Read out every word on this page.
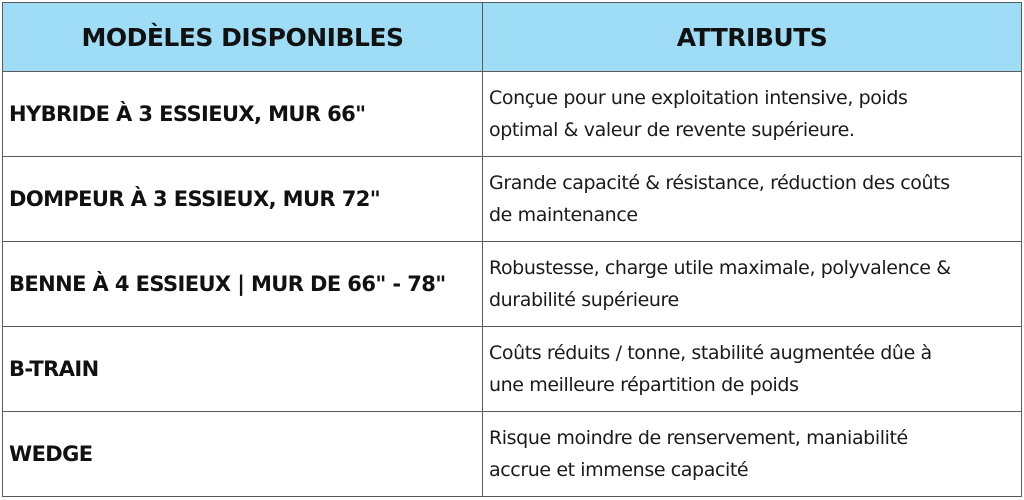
MODÈLES DISPONIBLES	ATTRIBUTS
HYBRIDE À 3 ESSIEUX, MUR 66"	Conçue pour une exploitation intensive, poids
optimal & valeur de revente supérieure.

DOMPEUR À 3 ESSIEUX, MUR 72"	Grande capacité & résistance, réduction des coûts
de maintenance

BENNE À 4 ESSIEUX | MUR DE 66" - 78"	Robustesse, charge utile maximale, polyvalence &
durabilité supérieure

B-TRAIN	Coûts réduits / tonne, stabilité augmentée dûe à
une meilleure répartition de poids

WEDGE	Risque moindre de renservement, maniabilité
accrue et immense capacité
